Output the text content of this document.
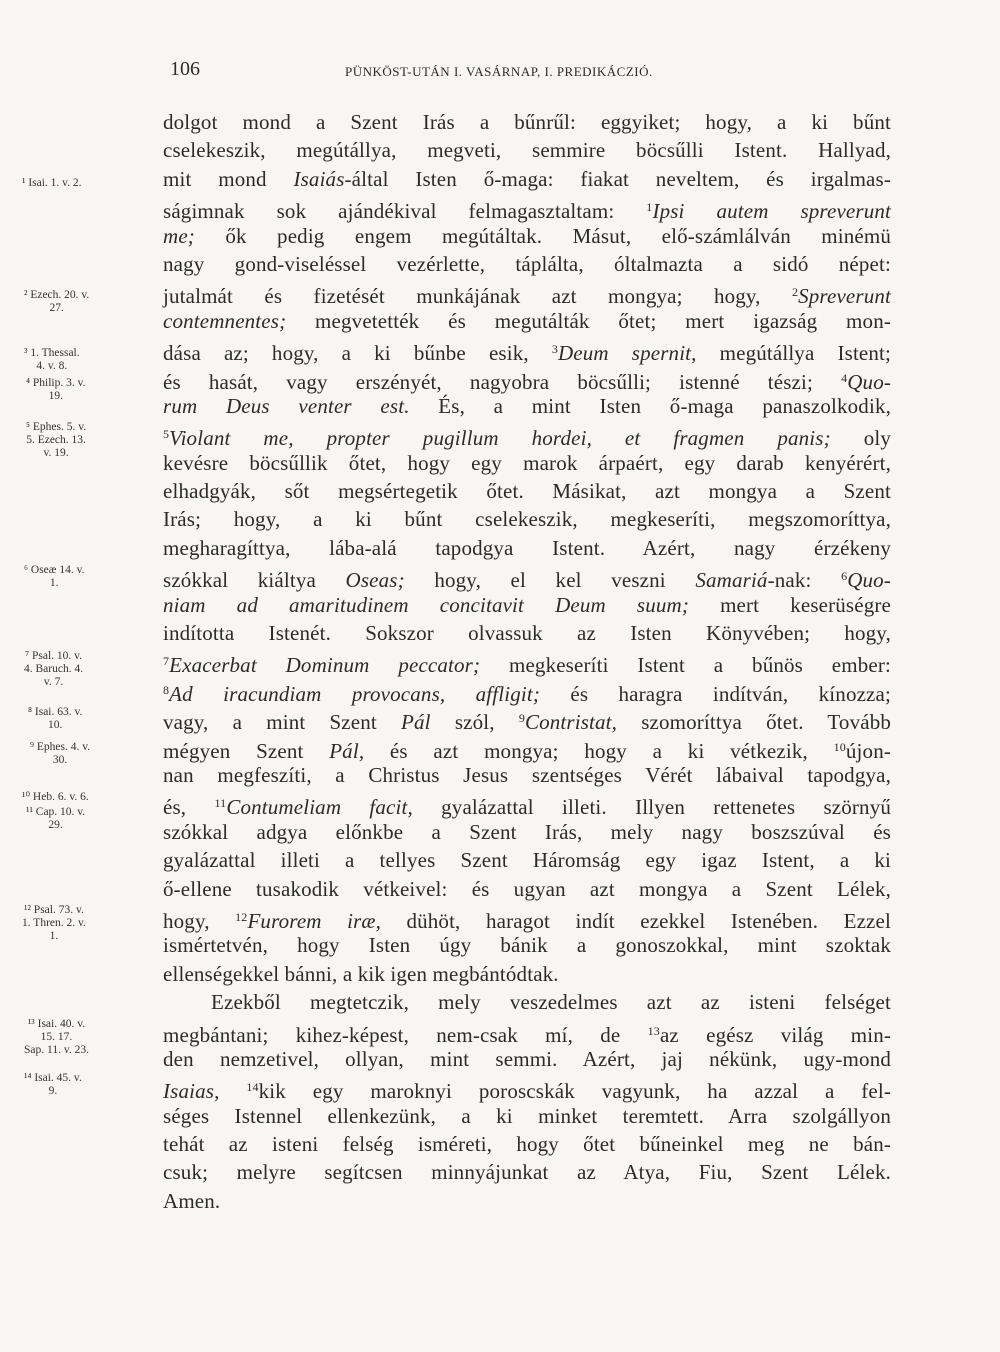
106	PÜNKÖST-UTÁN I. VASÁRNAP, I. PREDIKÁCZIÓ.
¹ Isai. 1. v. 2.
² Ezech. 20. v.
27.
³ 1. Thessal.
4. v. 8.
⁴ Philip. 3. v.
19.
⁵ Ephes. 5. v.
5. Ezech. 13.
v. 19.
⁶ Oseæ 14. v.
1.
⁷ Psal. 10. v.
4. Baruch. 4.
v. 7.
⁸ Isai. 63. v.
10.
⁹ Ephes. 4. v.
30.
¹⁰ Heb. 6. v. 6.
¹¹ Cap. 10. v.
29.
¹² Psal. 73. v.
1. Thren. 2. v.
1.
¹³ Isai. 40. v.
15. 17.
Sap. 11. v. 23.
¹⁴ Isai. 45. v.
9.
dolgot mond a Szent Irás a bűnrűl: eggyiket; hogy, a ki bűnt
cselekeszik, megútállya, megveti, semmire böcsűlli Istent. Hallyad,
mit mond Isaiás-által Isten ő-maga: fiakat neveltem, és irgalmas-
ságimnak sok ajándékival felmagasztaltam: $^1$Ipsi autem spreverunt
me; ők pedig engem megútáltak. Másut, elő-számlálván minémü
nagy gond-viseléssel vezérlette, táplálta, óltalmazta a sidó népet:
jutalmát és fizetését munkájának azt mongya; hogy, $^2$Spreverunt
contemnentes; megvetették és megutálták őtet; mert igazság mon-
dása az; hogy, a ki bűnbe esik, $^3$Deum spernit, megútállya Istent;
és hasát, vagy erszényét, nagyobra böcsűlli; istenné tészi; $^4$Quo-
rum Deus venter est. És, a mint Isten ő-maga panaszolkodik,
$^5$Violant me, propter pugillum hordei, et fragmen panis; oly
kevésre böcsűllik őtet, hogy egy marok árpaért, egy darab kenyérért,
elhadgyák, sőt megsértegetik őtet. Másikat, azt mongya a Szent
Irás; hogy, a ki bűnt cselekeszik, megkeseríti, megszomoríttya,
megharagíttya, lába-alá tapodgya Istent. Azért, nagy érzékeny
szókkal kiáltya Oseas; hogy, el kel veszni Samariá-nak: $^6$Quo-
niam ad amaritudinem concitavit Deum suum; mert keserüségre
indította Istenét. Sokszor olvassuk az Isten Könyvében; hogy,
$^7$Exacerbat Dominum peccator; megkeseríti Istent a bűnös ember:
$^8$Ad iracundiam provocans, affligit; és haragra indítván, kínozza;
vagy, a mint Szent Pál szól, $^9$Contristat, szomoríttya őtet. Tovább
mégyen Szent Pál, és azt mongya; hogy a ki vétkezik, $^{10}$újon-
nan megfeszíti, a Christus Jesus szentséges Vérét lábaival tapodgya,
és, $^{11}$Contumeliam facit, gyalázattal illeti. Illyen rettenetes szörnyű
szókkal adgya előnkbe a Szent Irás, mely nagy boszszúval és
gyalázattal illeti a tellyes Szent Háromság egy igaz Istent, a ki
ő-ellene tusakodik vétkeivel: és ugyan azt mongya a Szent Lélek,
hogy, $^{12}$Furorem iræ, dühöt, haragot indít ezekkel Istenében. Ezzel
ismértetvén, hogy Isten úgy bánik a gonoszokkal, mint szoktak
ellenségekkel bánni, a kik igen megbántódtak.
Ezekből megtetczik, mely veszedelmes azt az isteni felséget
megbántani; kihez-képest, nem-csak mí, de $^{13}$az egész világ min-
den nemzetivel, ollyan, mint semmi. Azért, jaj nékünk, ugy-mond
Isaias, $^{14}$kik egy maroknyi poroscskák vagyunk, ha azzal a fel-
séges Istennel ellenkezünk, a ki minket teremtett. Arra szolgállyon
tehát az isteni felség isméreti, hogy őtet bűneinkel meg ne bán-
csuk; melyre segítcsen minnyájunkat az Atya, Fiu, Szent Lélek.
Amen.
